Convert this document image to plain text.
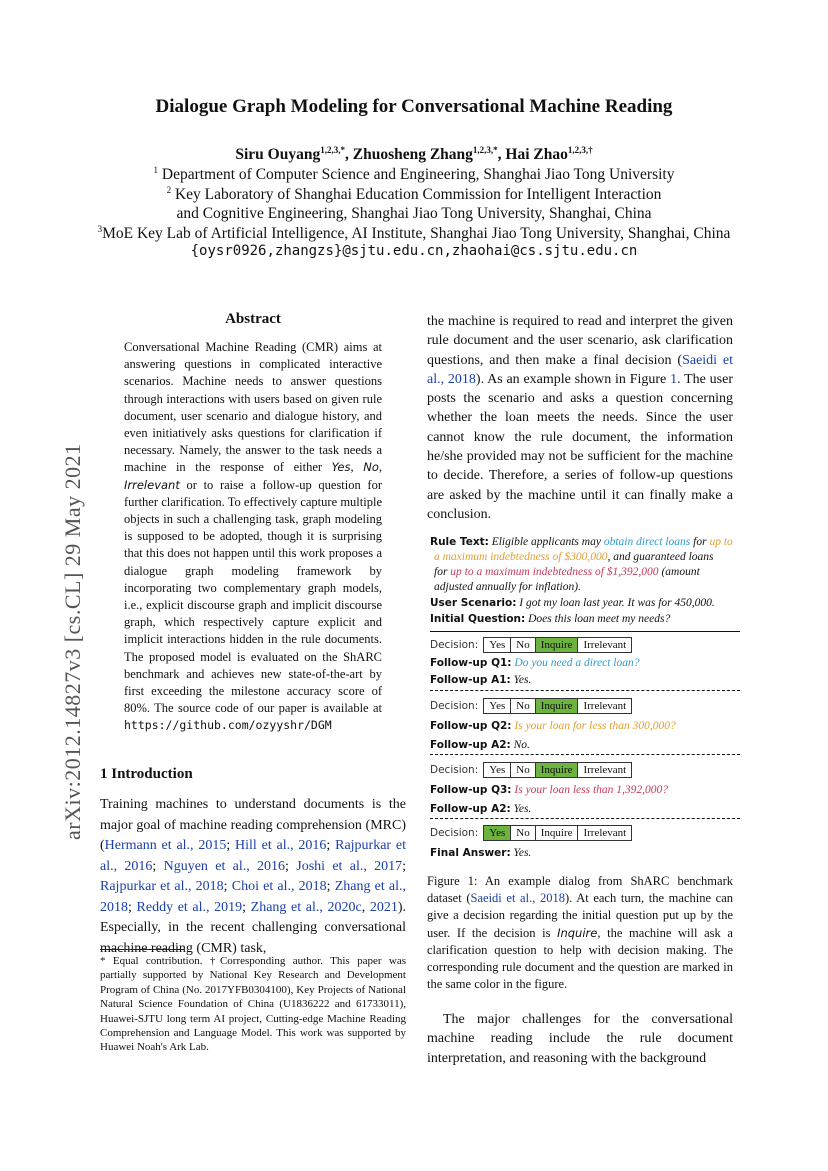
Dialogue Graph Modeling for Conversational Machine Reading
Siru Ouyang$^{1,2,3,*}$, Zhuosheng Zhang$^{1,2,3,*}$, Hai Zhao$^{1,2,3,\dagger}$
$^1$ Department of Computer Science and Engineering, Shanghai Jiao Tong University
$^2$ Key Laboratory of Shanghai Education Commission for Intelligent Interaction
and Cognitive Engineering, Shanghai Jiao Tong University, Shanghai, China
$^3$MoE Key Lab of Artificial Intelligence, AI Institute, Shanghai Jiao Tong University, Shanghai, China
{oysr0926,zhangzs}@sjtu.edu.cn,zhaohai@cs.sjtu.edu.cn
arXiv:2012.14827v3 [cs.CL] 29 May 2021
Abstract
Conversational Machine Reading (CMR) aims at answering questions in complicated interactive scenarios. Machine needs to answer questions through interactions with users based on given rule document, user scenario and dialogue history, and even initiatively asks questions for clarification if necessary. Namely, the answer to the task needs a machine in the response of either Yes, No, Irrelevant or to raise a follow-up question for further clarification. To effectively capture multiple objects in such a challenging task, graph modeling is supposed to be adopted, though it is surprising that this does not happen until this work proposes a dialogue graph modeling framework by incorporating two complementary graph models, i.e., explicit discourse graph and implicit discourse graph, which respectively capture explicit and implicit interactions hidden in the rule documents. The proposed model is evaluated on the ShARC benchmark and achieves new state-of-the-art by first exceeding the milestone accuracy score of 80%. The source code of our paper is available at https://github.com/ozyyshr/DGM
1 Introduction
Training machines to understand documents is the major goal of machine reading comprehension (MRC) (Hermann et al., 2015; Hill et al., 2016; Rajpurkar et al., 2016; Nguyen et al., 2016; Joshi et al., 2017; Rajpurkar et al., 2018; Choi et al., 2018; Zhang et al., 2018; Reddy et al., 2019; Zhang et al., 2020c, 2021). Especially, in the recent challenging conversational machine reading (CMR) task,
* Equal contribution. †Corresponding author. This paper was partially supported by National Key Research and Development Program of China (No. 2017YFB0304100), Key Projects of National Natural Science Foundation of China (U1836222 and 61733011), Huawei-SJTU long term AI project, Cutting-edge Machine Reading Comprehension and Language Model. This work was supported by Huawei Noah's Ark Lab.
the machine is required to read and interpret the given rule document and the user scenario, ask clarification questions, and then make a final decision (Saeidi et al., 2018). As an example shown in Figure 1. The user posts the scenario and asks a question concerning whether the loan meets the needs. Since the user cannot know the rule document, the information he/she provided may not be sufficient for the machine to decide. Therefore, a series of follow-up questions are asked by the machine until it can finally make a conclusion.
Rule Text: Eligible applicants may obtain direct loans for up to
a maximum indebtedness of $300,000, and guaranteed loans
for up to a maximum indebtedness of $1,392,000 (amount
adjusted annually for inflation).
User Scenario: I got my loan last year. It was for 450,000.
Initial Question: Does this loan meet my needs?
Decision:	Yes	No	Inquire	Irrelevant
Follow-up Q1: Do you need a direct loan?
Follow-up A1: Yes.
Decision:	Yes	No	Inquire	Irrelevant
Follow-up Q2: Is your loan for less than 300,000?
Follow-up A2: No.
Decision:	Yes	No	Inquire	Irrelevant
Follow-up Q3: Is your loan less than 1,392,000?
Follow-up A2: Yes.
Decision:	Yes	No	Inquire	Irrelevant
Final Answer: Yes.
Figure 1: An example dialog from ShARC benchmark dataset (Saeidi et al., 2018). At each turn, the machine can give a decision regarding the initial question put up by the user. If the decision is Inquire, the machine will ask a clarification question to help with decision making. The corresponding rule document and the question are marked in the same color in the figure.
The major challenges for the conversational machine reading include the rule document interpretation, and reasoning with the background
